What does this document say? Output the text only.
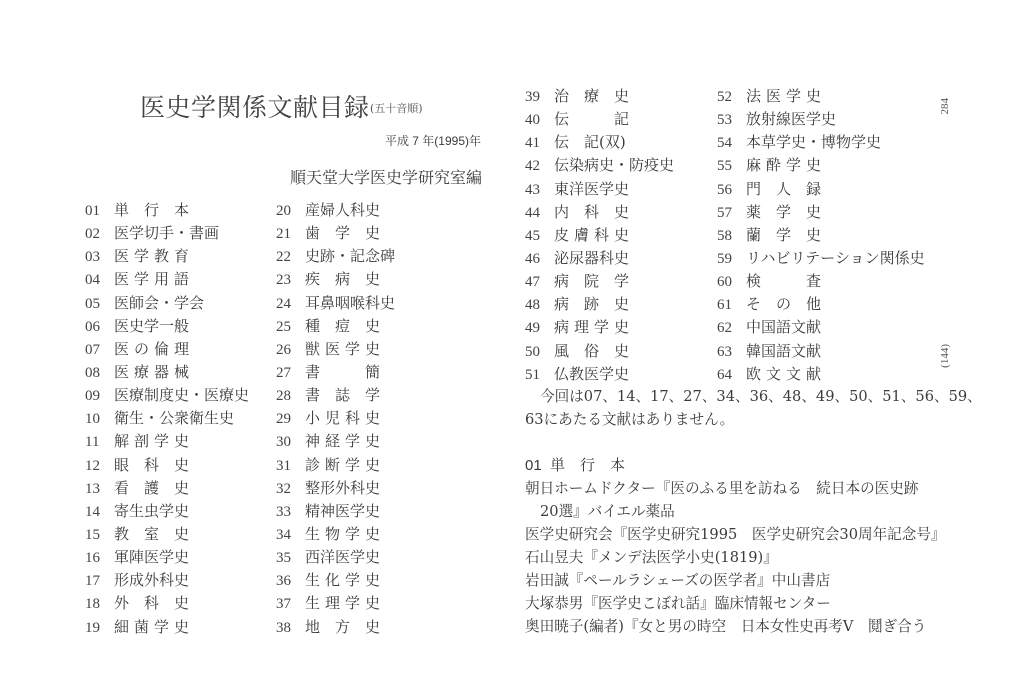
医史学関係文献目録 (五十音順)
平成 7 年(1995)年
順天堂大学医史学研究室編
284
(144)
01 単行本
02 医学切手・書画
03 医学教育
04 医学用語
05 医師会・学会
06 医史学一般
07 医の倫理
08 医療器械
09 医療制度史・医療史
10 衛生・公衆衛生史
11 解剖学史
12 眼科史
13 看護史
14 寄生虫学史
15 教室史
16 軍陣医学史
17 形成外科史
18 外科史
19 細菌学史
20 産婦人科史
21 歯学史
22 史跡・記念碑
23 疾病史
24 耳鼻咽喉科史
25 種痘史
26 獣医学史
27 書簡
28 書誌学
29 小児科史
30 神経学史
31 診断学史
32 整形外科史
33 精神医学史
34 生物学史
35 西洋医学史
36 生化学史
37 生理学史
38 地方史
39 治療史
40 伝記
41 伝　記(双)
42 伝染病史・防疫史
43 東洋医学史
44 内科史
45 皮膚科史
46 泌尿器科史
47 病院学
48 病跡史
49 病理学史
50 風俗史
51 仏教医学史
52 法医学史
53 放射線医学史
54 本草学史・博物学史
55 麻酔学史
56 門人録
57 薬学史
58 蘭学史
59 リハビリテーション関係史
60 検査
61 その他
62 中国語文献
63 韓国語文献
64 欧文文献
今回は07、14、17、27、34、36、48、49、50、51、56、59、
63にあたる文献はありません。
01 単行本
朝日ホームドクター『医のふる里を訪ねる　続日本の医史跡
20選』バイエル薬品
医学史研究会『医学史研究1995　医学史研究会30周年記念号』
石山昱夫『メンデ法医学小史(1819)』
岩田誠『ペールラシェーズの医学者』中山書店
大塚恭男『医学史こぼれ話』臨床情報センター
奥田暁子(編者)『女と男の時空　日本女性史再考Ⅴ　鬩ぎ合う
